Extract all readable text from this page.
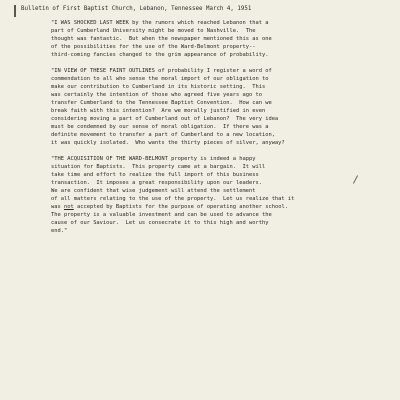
Bulletin of First Baptist Church, Lebanon, Tennessee March 4, 1951

"I WAS SHOCKED LAST WEEK by the rumors which reached Lebanon that a
part of Cumberland University might be moved to Nashville.  The
thought was fantastic.  But when the newspaper mentioned this as one
of the possibilities for the use of the Ward-Belmont property--
third-coming fancies changed to the grim appearance of probability.

"IN VIEW OF THESE FAINT OUTLINES of probability I register a word of
commendation to all who sense the moral import of our obligation to
make our contribution to Cumberland in its historic setting.  This
was certainly the intention of those who agreed five years ago to
transfer Cumberland to the Tennessee Baptist Convention.  How can we
break faith with this intention?  Are we morally justified in even
considering moving a part of Cumberland out of Lebanon?  The very idea
must be condemned by our sense of moral obligation.  If there was a
definite movement to transfer a part of Cumberland to a new location,
it was quickly isolated.  Who wants the thirty pieces of silver, anyway?

"THE ACQUISITION OF THE WARD-BELMONT property is indeed a happy
situation for Baptists.  This property came at a bargain.  It will
take time and effort to realize the full import of this business
transaction.  It imposes a great responsibility upon our leaders.
We are confident that wise judgement will attend the settlement
of all matters relating to the use of the property.  Let us realize that it
was not accepted by Baptists for the purpose of operating another school.
The property is a valuable investment and can be used to advance the
cause of our Saviour.  Let us consecrate it to this high and worthy
end."
